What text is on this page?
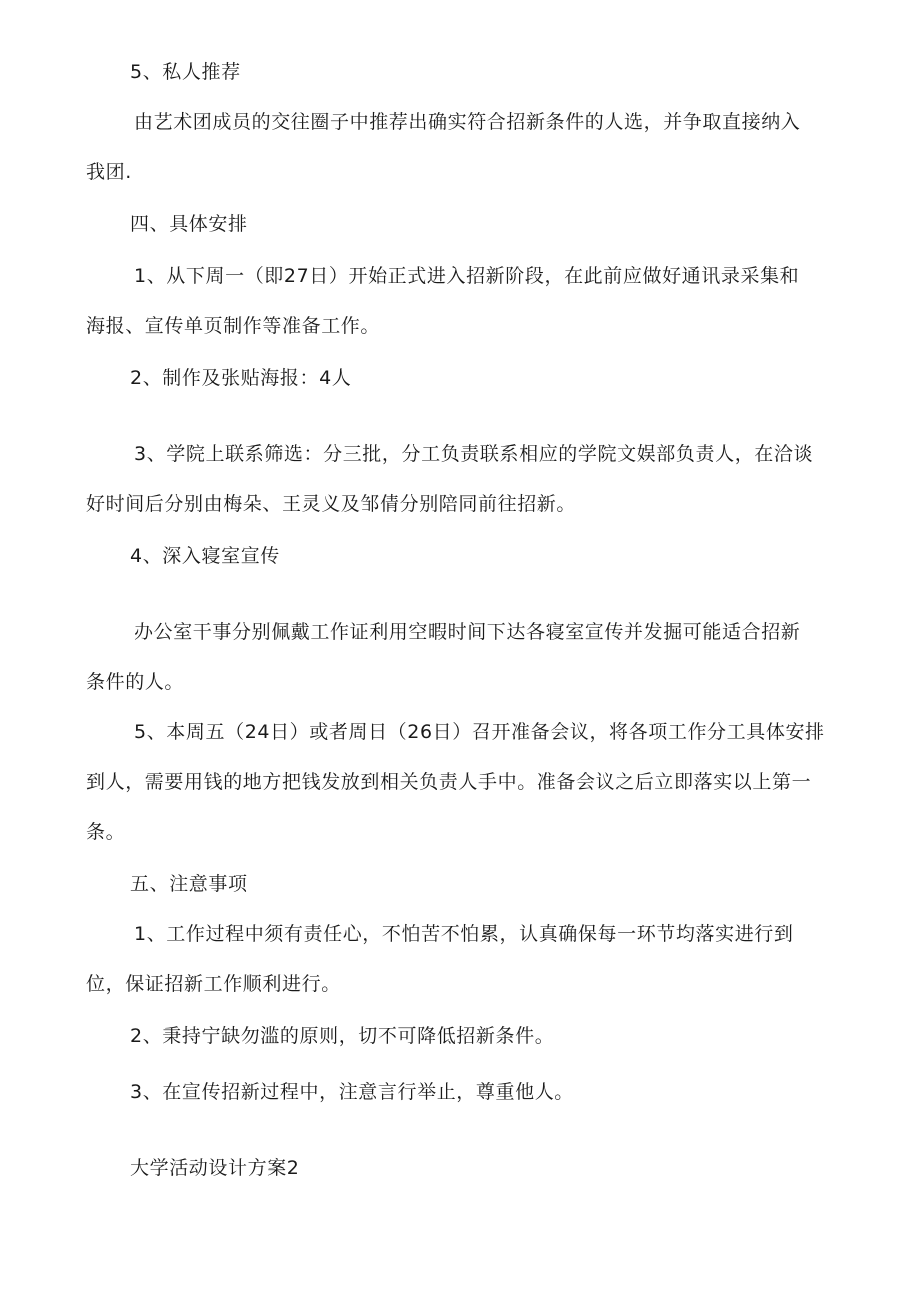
5、私人推荐
由艺术团成员的交往圈子中推荐出确实符合招新条件的人选，并争取直接纳入
我团.
四、具体安排
1、从下周一（即27日）开始正式进入招新阶段，在此前应做好通讯录采集和
海报、宣传单页制作等准备工作。
2、制作及张贴海报：4人
3、学院上联系筛选：分三批，分工负责联系相应的学院文娱部负责人，在洽谈
好时间后分别由梅朵、王灵义及邹倩分别陪同前往招新。
4、深入寝室宣传
办公室干事分别佩戴工作证利用空暇时间下达各寝室宣传并发掘可能适合招新
条件的人。
5、本周五（24日）或者周日（26日）召开准备会议，将各项工作分工具体安排
到人，需要用钱的地方把钱发放到相关负责人手中。准备会议之后立即落实以上第一
条。
五、注意事项
1、工作过程中须有责任心，不怕苦不怕累，认真确保每一环节均落实进行到
位，保证招新工作顺利进行。
2、秉持宁缺勿滥的原则，切不可降低招新条件。
3、在宣传招新过程中，注意言行举止，尊重他人。
大学活动设计方案2
